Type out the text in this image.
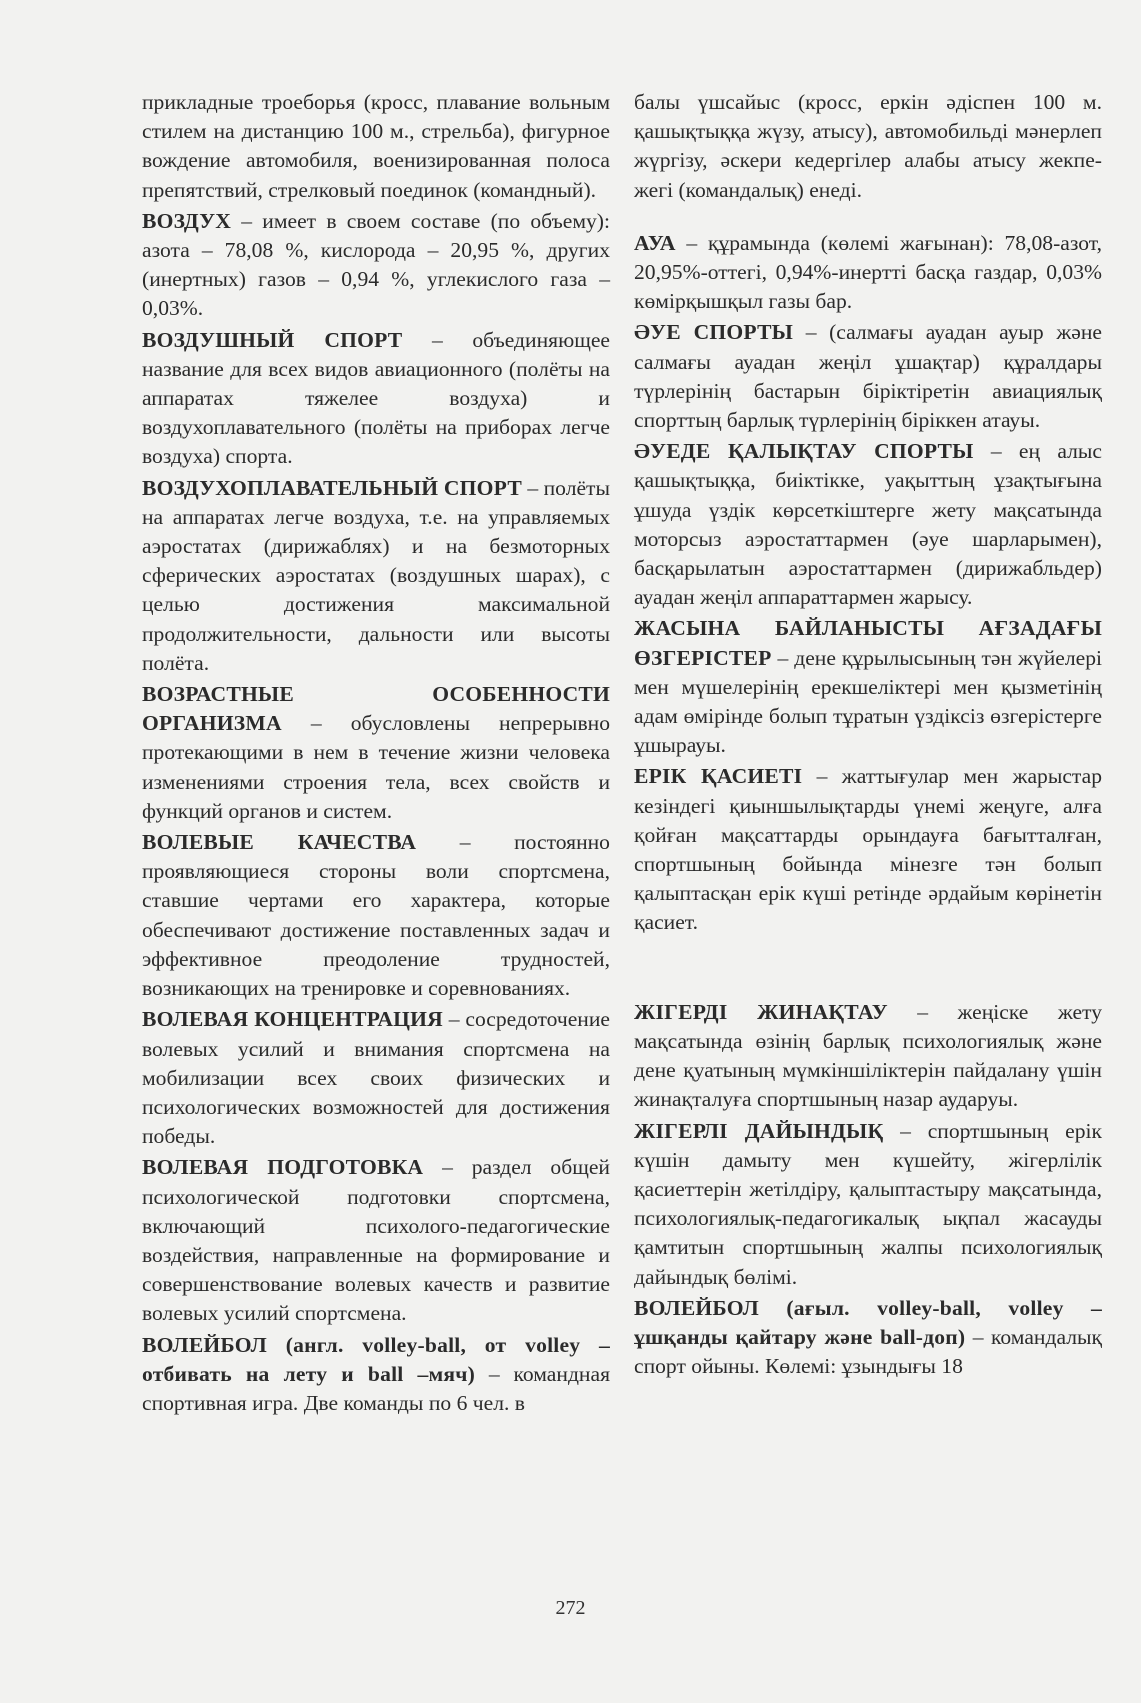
прикладные троеборья (кросс, плавание вольным стилем на дистанцию 100 м., стрельба), фигурное вождение автомобиля, военизированная полоса препятствий, стрелковый поединок (командный).

ВОЗДУХ – имеет в своем составе (по объему): азота – 78,08 %, кислорода – 20,95 %, других (инертных) газов – 0,94 %, углекислого газа – 0,03%.

ВОЗДУШНЫЙ СПОРТ – объединяющее название для всех видов авиационного (полёты на аппаратах тяжелее воздуха) и воздухоплавательного (полёты на приборах легче воздуха) спорта.

ВОЗДУХОПЛАВАТЕЛЬНЫЙ СПОРТ – полёты на аппаратах легче воздуха, т.е. на управляемых аэростатах (дирижаблях) и на безмоторных сферических аэростатах (воздушных шарах), с целью достижения максимальной продолжительности, дальности или высоты полёта.

ВОЗРАСТНЫЕ ОСОБЕННОСТИ ОРГАНИЗМА – обусловлены непрерывно протекающими в нем в течение жизни человека изменениями строения тела, всех свойств и функций органов и систем.

ВОЛЕВЫЕ КАЧЕСТВА – постоянно проявляющиеся стороны воли спортсмена, ставшие чертами его характера, которые обеспечивают достижение поставленных задач и эффективное преодоление трудностей, возникающих на тренировке и соревнованиях.

ВОЛЕВАЯ КОНЦЕНТРАЦИЯ – сосредоточение волевых усилий и внимания спортсмена на мобилизации всех своих физических и психологических возможностей для достижения победы.

ВОЛЕВАЯ ПОДГОТОВКА – раздел общей психологической подготовки спортсмена, включающий психолого-педагогические воздействия, направленные на формирование и совершенствование волевых качеств и развитие волевых усилий спортсмена.

ВОЛЕЙБОЛ (англ. volley-ball, от volley – отбивать на лету и ball –мяч) – командная спортивная игра. Две команды по 6 чел. в

балы үшсайыс (кросс, еркін әдіспен 100 м. қашықтыққа жүзу, атысу), автомобильді мәнерлеп жүргізу, әскери кедергілер алабы атысу жекпе-жегі (командалық) енеді.

АУА – құрамында (көлемі жағынан): 78,08-азот, 20,95%-оттегі, 0,94%-инертті басқа газдар, 0,03% көмірқышқыл газы бар.

ӘУЕ СПОРТЫ – (салмағы ауадан ауыр және салмағы ауадан жеңіл ұшақтар) құралдары түрлерінің бастарын біріктіретін авиациялық спорттың барлық түрлерінің біріккен атауы.

ӘУЕДЕ ҚАЛЫҚТАУ СПОРТЫ – ең алыс қашықтыққа, биіктікке, уақыттың ұзақтығына ұшуда үздік көрсеткіштерге жету мақсатында моторсыз аэростаттармен (әуе шарларымен), басқарылатын аэростаттармен (дирижабльдер) ауадан жеңіл аппараттармен жарысу.

ЖАСЫНА БАЙЛАНЫСТЫ АҒЗАДАҒЫ ӨЗГЕРІСТЕР – дене құрылысының тән жүйелері мен мүшелерінің ерекшеліктері мен қызметінің адам өмірінде болып тұратын үздіксіз өзгерістерге ұшырауы.

ЕРІК ҚАСИЕТІ – жаттығулар мен жарыстар кезіндегі қиыншылықтарды үнемі жеңуге, алға қойған мақсаттарды орындауға бағытталған, спортшының бойында мінезге тән болып қалыптасқан ерік күші ретінде әрдайым көрінетін қасиет.

ЖІГЕРДІ ЖИНАҚТАУ – жеңіске жету мақсатында өзінің барлық психологиялық және дене қуатының мүмкіншіліктерін пайдалану үшін жинақталуға спортшының назар аударуы.

ЖІГЕРЛІ ДАЙЫНДЫҚ – спортшының ерік күшін дамыту мен күшейту, жігерлілік қасиеттерін жетілдіру, қалыптастыру мақсатында, психологиялық-педагогикалық ықпал жасауды қамтитын спортшының жалпы психологиялық дайындық бөлімі.

ВОЛЕЙБОЛ (ағыл. volley-ball, volley – ұшқанды қайтару және ball-доп) – командалық спорт ойыны. Көлемі: ұзындығы 18

272
